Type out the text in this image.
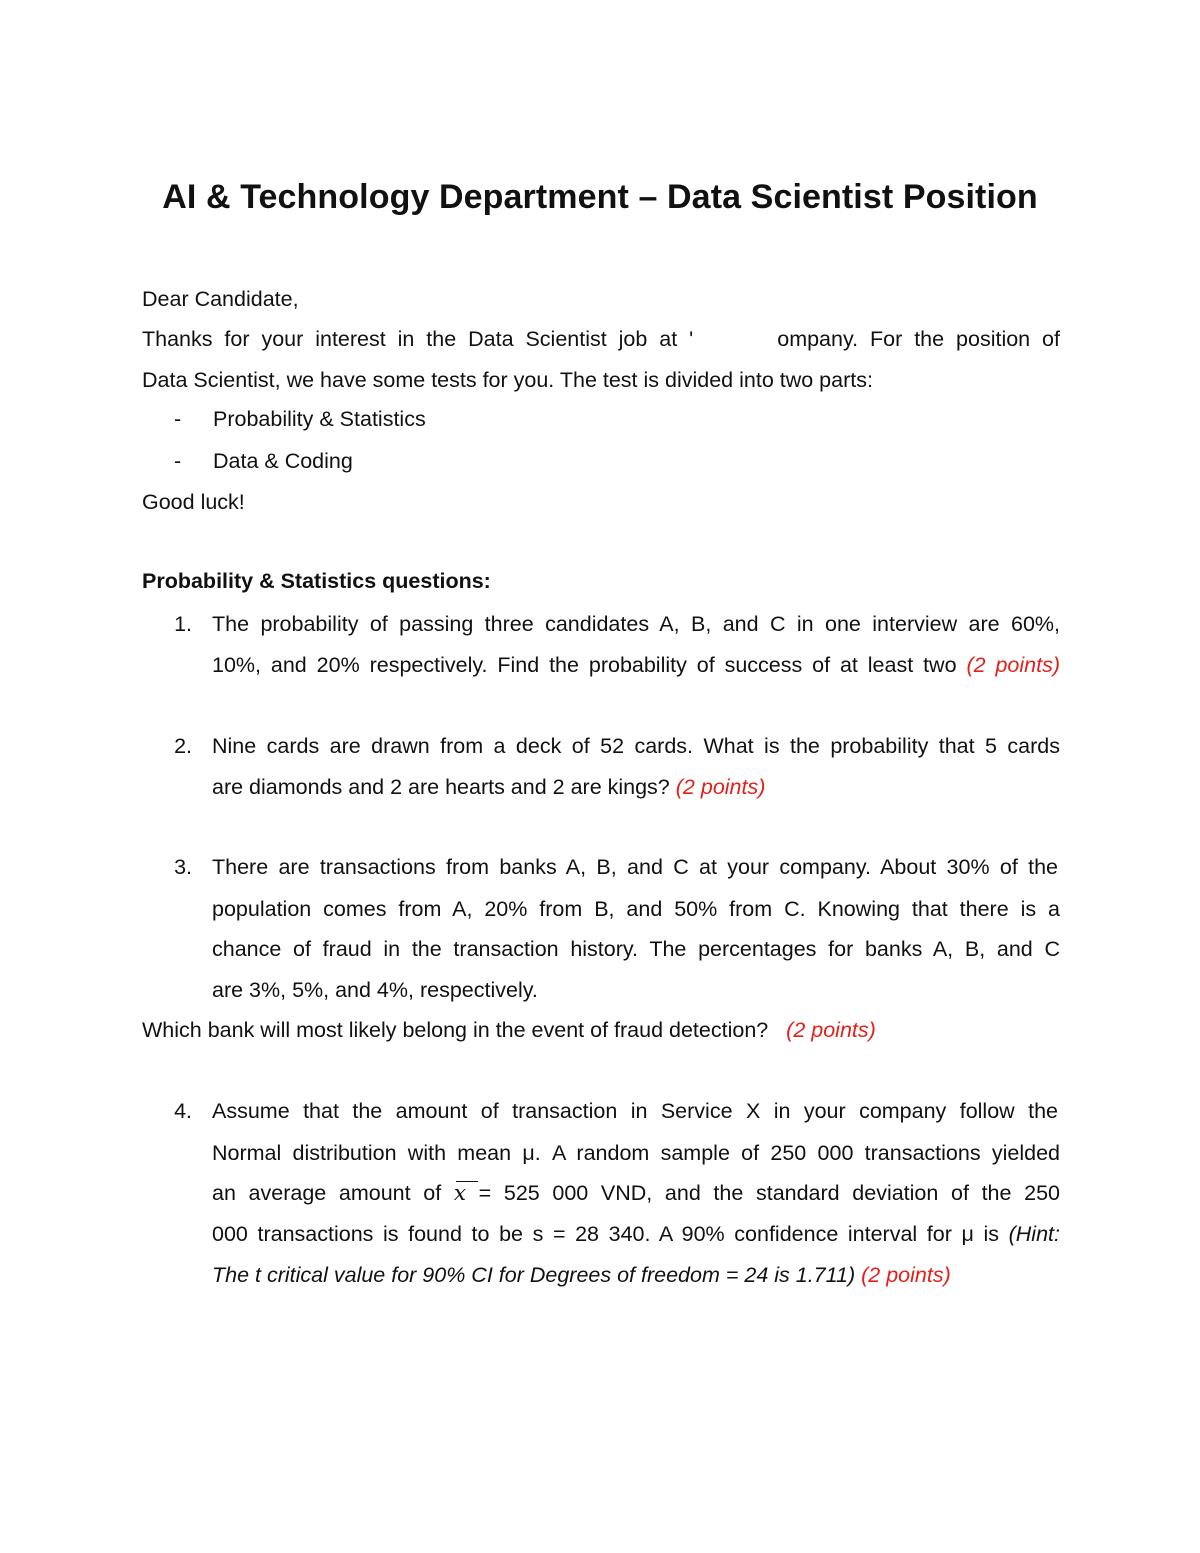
AI & Technology Department – Data Scientist Position
Dear Candidate,
Thanks for your interest in the Data Scientist job at '	ompany. For the position of
Data Scientist, we have some tests for you. The test is divided into two parts:
-	Probability & Statistics
-	Data & Coding
Good luck!
Probability & Statistics questions:
1. The probability of passing three candidates A, B, and C in one interview are 60%,
10%, and 20% respectively. Find the probability of success of at least two (2 points)
2. Nine cards are drawn from a deck of 52 cards. What is the probability that 5 cards
are diamonds and 2 are hearts and 2 are kings? (2 points)
3. There are transactions from banks A, B, and C at your company. About 30% of the
population comes from A, 20% from B, and 50% from C. Knowing that there is a
chance of fraud in the transaction history. The percentages for banks A, B, and C
are 3%, 5%, and 4%, respectively.
Which bank will most likely belong in the event of fraud detection? (2 points)
4. Assume that the amount of transaction in Service X in your company follow the
Normal distribution with mean μ. A random sample of 250 000 transactions yielded
an average amount of x = 525 000 VND, and the standard deviation of the 250
000 transactions is found to be s = 28 340. A 90% confidence interval for μ is (Hint:
The t critical value for 90% CI for Degrees of freedom = 24 is 1.711) (2 points)
